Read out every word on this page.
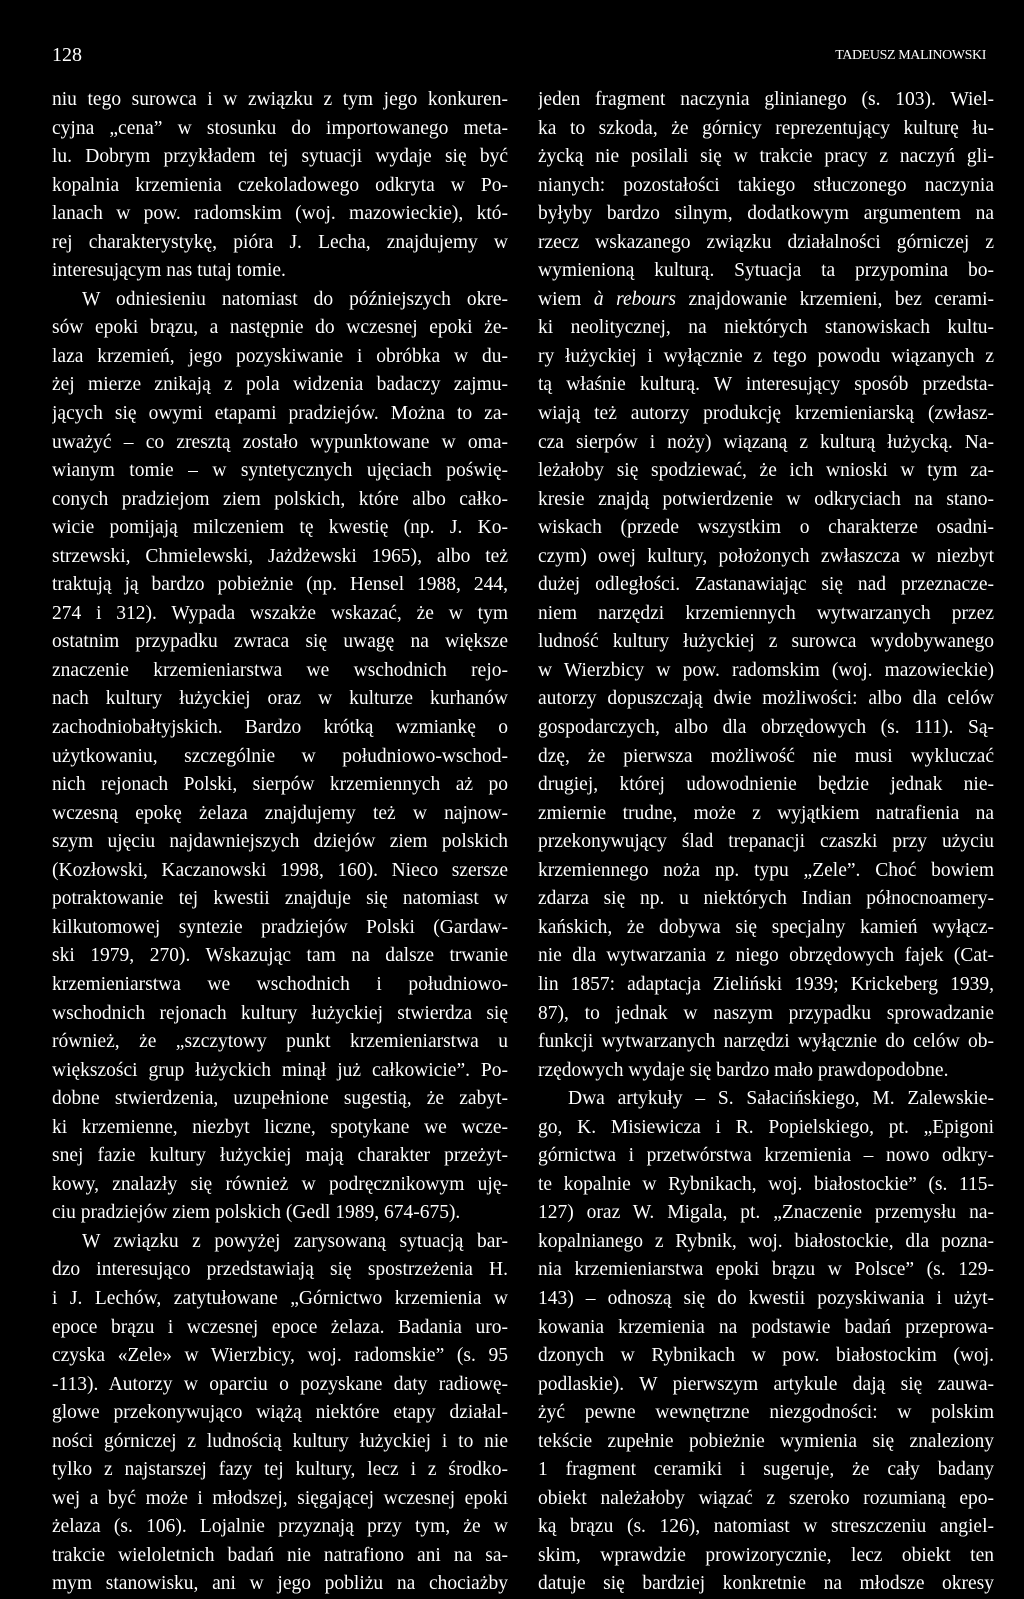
128	TADEUSZ MALINOWSKI
niu tego surowca i w związku z tym jego konkuren-
cyjna „cena” w stosunku do importowanego meta-
lu. Dobrym przykładem tej sytuacji wydaje się być
kopalnia krzemienia czekoladowego odkryta w Po-
lanach w pow. radomskim (woj. mazowieckie), któ-
rej charakterystykę, pióra J. Lecha, znajdujemy w
interesującym nas tutaj tomie.
W odniesieniu natomiast do późniejszych okre-
sów epoki brązu, a następnie do wczesnej epoki że-
laza krzemień, jego pozyskiwanie i obróbka w du-
żej mierze znikają z pola widzenia badaczy zajmu-
jących się owymi etapami pradziejów. Można to za-
uważyć – co zresztą zostało wypunktowane w oma-
wianym tomie – w syntetycznych ujęciach poświę-
conych pradziejom ziem polskich, które albo całko-
wicie pomijają milczeniem tę kwestię (np. J. Ko-
strzewski, Chmielewski, Jażdżewski 1965), albo też
traktują ją bardzo pobieżnie (np. Hensel 1988, 244,
274 i 312). Wypada wszakże wskazać, że w tym
ostatnim przypadku zwraca się uwagę na większe
znaczenie krzemieniarstwa we wschodnich rejo-
nach kultury łużyckiej oraz w kulturze kurhanów
zachodniobałtyjskich. Bardzo krótką wzmiankę o
użytkowaniu, szczególnie w południowo-wschod-
nich rejonach Polski, sierpów krzemiennych aż po
wczesną epokę żelaza znajdujemy też w najnow-
szym ujęciu najdawniejszych dziejów ziem polskich
(Kozłowski, Kaczanowski 1998, 160). Nieco szersze
potraktowanie tej kwestii znajduje się natomiast w
kilkutomowej syntezie pradziejów Polski (Gardaw-
ski 1979, 270). Wskazując tam na dalsze trwanie
krzemieniarstwa we wschodnich i południowo-
wschodnich rejonach kultury łużyckiej stwierdza się
również, że „szczytowy punkt krzemieniarstwa u
większości grup łużyckich minął już całkowicie”. Po-
dobne stwierdzenia, uzupełnione sugestią, że zabyt-
ki krzemienne, niezbyt liczne, spotykane we wcze-
snej fazie kultury łużyckiej mają charakter przeżyt-
kowy, znalazły się również w podręcznikowym uję-
ciu pradziejów ziem polskich (Gedl 1989, 674-675).
W związku z powyżej zarysowaną sytuacją bar-
dzo interesująco przedstawiają się spostrzeżenia H.
i J. Lechów, zatytułowane „Górnictwo krzemienia w
epoce brązu i wczesnej epoce żelaza. Badania uro-
czyska «Zele» w Wierzbicy, woj. radomskie” (s. 95
-113). Autorzy w oparciu o pozyskane daty radiowę-
glowe przekonywująco wiążą niektóre etapy działal-
ności górniczej z ludnością kultury łużyckiej i to nie
tylko z najstarszej fazy tej kultury, lecz i z środko-
wej a być może i młodszej, sięgającej wczesnej epoki
żelaza (s. 106). Lojalnie przyznają przy tym, że w
trakcie wieloletnich badań nie natrafiono ani na sa-
mym stanowisku, ani w jego pobliżu na chociażby
jeden fragment naczynia glinianego (s. 103). Wiel-
ka to szkoda, że górnicy reprezentujący kulturę łu-
życką nie posilali się w trakcie pracy z naczyń gli-
nianych: pozostałości takiego stłuczonego naczynia
byłyby bardzo silnym, dodatkowym argumentem na
rzecz wskazanego związku działalności górniczej z
wymienioną kulturą. Sytuacja ta przypomina bo-
wiem à rebours znajdowanie krzemieni, bez cerami-
ki neolitycznej, na niektórych stanowiskach kultu-
ry łużyckiej i wyłącznie z tego powodu wiązanych z
tą właśnie kulturą. W interesujący sposób przedsta-
wiają też autorzy produkcję krzemieniarską (zwłasz-
cza sierpów i noży) wiązaną z kulturą łużycką. Na-
leżałoby się spodziewać, że ich wnioski w tym za-
kresie znajdą potwierdzenie w odkryciach na stano-
wiskach (przede wszystkim o charakterze osadni-
czym) owej kultury, położonych zwłaszcza w niezbyt
dużej odległości. Zastanawiając się nad przeznacze-
niem narzędzi krzemiennych wytwarzanych przez
ludność kultury łużyckiej z surowca wydobywanego
w Wierzbicy w pow. radomskim (woj. mazowieckie)
autorzy dopuszczają dwie możliwości: albo dla celów
gospodarczych, albo dla obrzędowych (s. 111). Są-
dzę, że pierwsza możliwość nie musi wykluczać
drugiej, której udowodnienie będzie jednak nie-
zmiernie trudne, może z wyjątkiem natrafienia na
przekonywujący ślad trepanacji czaszki przy użyciu
krzemiennego noża np. typu „Zele”. Choć bowiem
zdarza się np. u niektórych Indian północnoamery-
kańskich, że dobywa się specjalny kamień wyłącz-
nie dla wytwarzania z niego obrzędowych fajek (Cat-
lin 1857: adaptacja Zieliński 1939; Krickeberg 1939,
87), to jednak w naszym przypadku sprowadzanie
funkcji wytwarzanych narzędzi wyłącznie do celów ob-
rzędowych wydaje się bardzo mało prawdopodobne.
Dwa artykuły – S. Sałacińskiego, M. Zalewskie-
go, K. Misiewicza i R. Popielskiego, pt. „Epigoni
górnictwa i przetwórstwa krzemienia – nowo odkry-
te kopalnie w Rybnikach, woj. białostockie” (s. 115-
127) oraz W. Migala, pt. „Znaczenie przemysłu na-
kopalnianego z Rybnik, woj. białostockie, dla pozna-
nia krzemieniarstwa epoki brązu w Polsce” (s. 129-
143) – odnoszą się do kwestii pozyskiwania i użyt-
kowania krzemienia na podstawie badań przeprowa-
dzonych w Rybnikach w pow. białostockim (woj.
podlaskie). W pierwszym artykule dają się zauwa-
żyć pewne wewnętrzne niezgodności: w polskim
tekście zupełnie pobieżnie wymienia się znaleziony
1 fragment ceramiki i sugeruje, że cały badany
obiekt należałoby wiązać z szeroko rozumianą epo-
ką brązu (s. 126), natomiast w streszczeniu angiel-
skim, wprawdzie prowizorycznie, lecz obiekt ten
datuje się bardziej konkretnie na młodsze okresy
